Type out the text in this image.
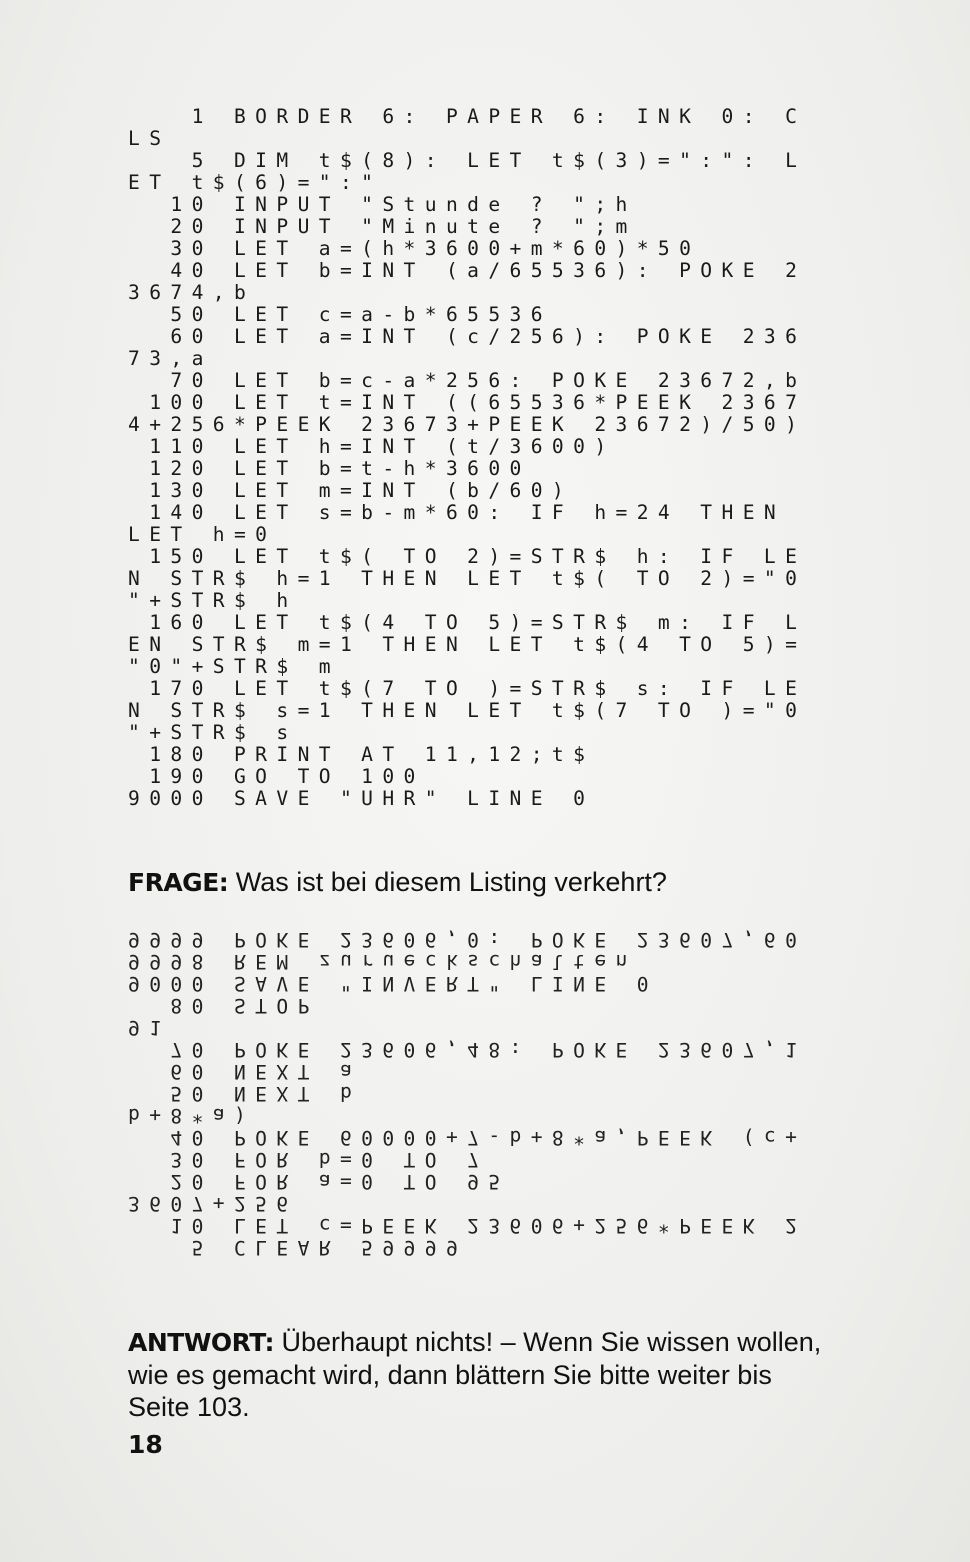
1 BORDER 6: PAPER 6: INK 0: C
LS
5 DIM t$(8): LET t$(3)=":": L
ET t$(6)=":"
10 INPUT "Stunde ? ";h
20 INPUT "Minute ? ";m
30 LET a=(h*3600+m*60)*50
40 LET b=INT (a/65536): POKE 2
3674,b
50 LET c=a-b*65536
60 LET a=INT (c/256): POKE 236
73,a
70 LET b=c-a*256: POKE 23672,b
100 LET t=INT ((65536*PEEK 2367
4+256*PEEK 23673+PEEK 23672)/50)
110 LET h=INT (t/3600)
120 LET b=t-h*3600
130 LET m=INT (b/60)
140 LET s=b-m*60: IF h=24 THEN
LET h=0
150 LET t$( TO 2)=STR$ h: IF LE
N STR$ h=1 THEN LET t$( TO 2)="0
"+STR$ h
160 LET t$(4 TO 5)=STR$ m: IF L
EN STR$ m=1 THEN LET t$(4 TO 5)=
"0"+STR$ m
170 LET t$(7 TO )=STR$ s: IF LE
N STR$ s=1 THEN LET t$(7 TO )="0
"+STR$ s
180 PRINT AT 11,12;t$
190 GO TO 100
9000 SAVE "UHR" LINE 0
FRAGE: Was ist bei diesem Listing verkehrt?
5 CLEAR 59999
10 LET c=PEEK 23606+256*PEEK 2
3607+256
20 FOR a=0 TO 95
30 FOR b=0 TO 7
40 POKE 60000+7-b+8*a,PEEK (c+
b+8*a)
50 NEXT b
60 NEXT a
70 POKE 23606,48: POKE 23607,1
91
80 STOP
9000 SAVE "INVERT" LINE 0
9998 REM zurueckschalten
9999 POKE 23606,0: POKE 23607,60
ANTWORT: Überhaupt nichts! – Wenn Sie wissen wollen, wie es gemacht wird, dann blättern Sie bitte weiter bis Seite 103.
18
